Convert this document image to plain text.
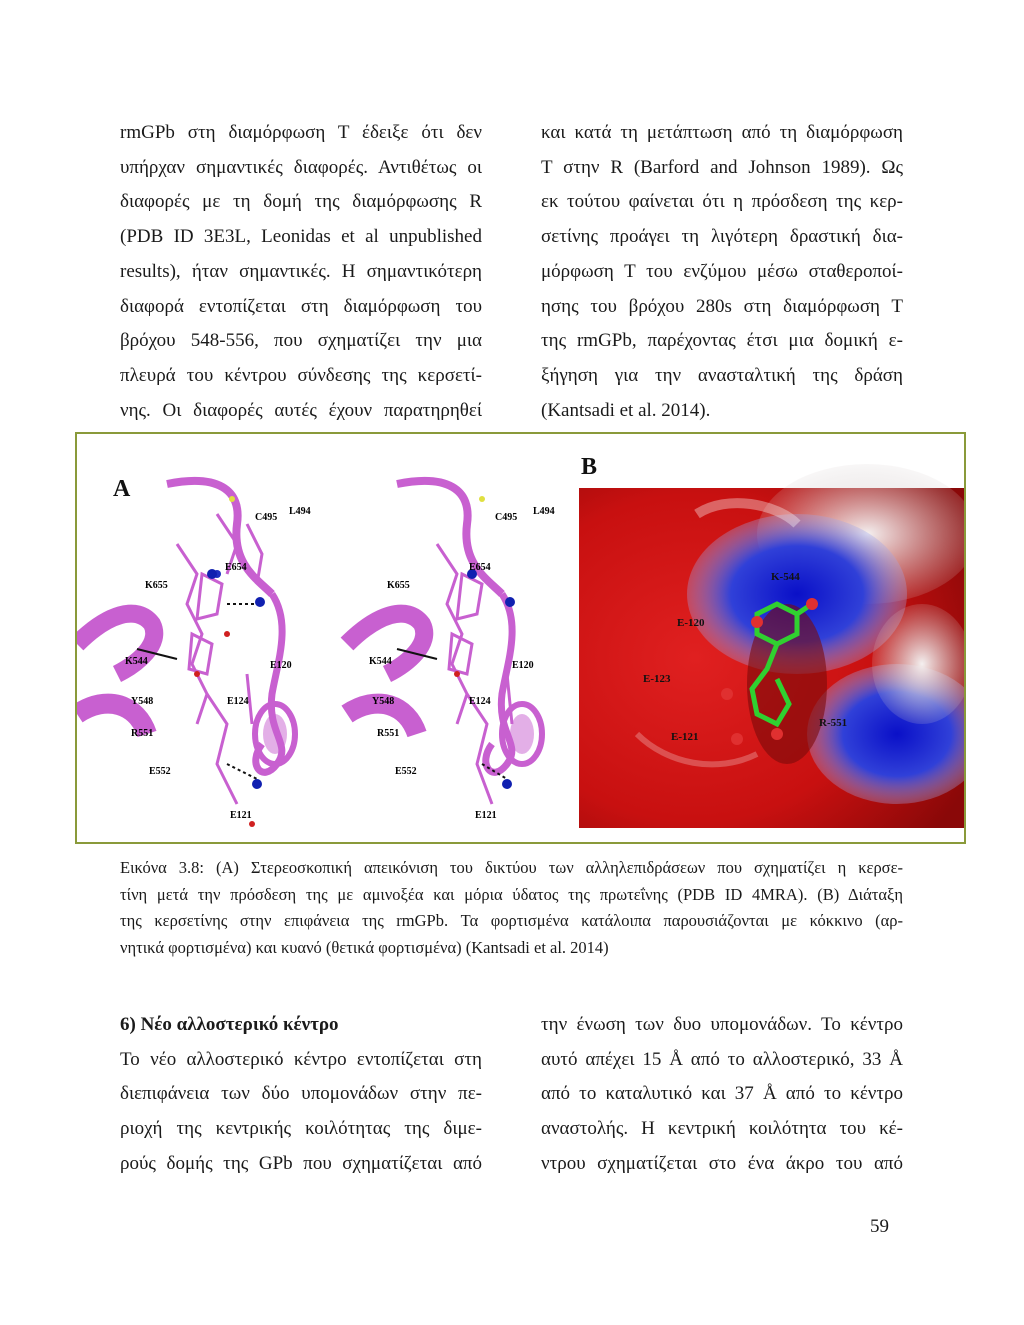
rmGPb στη διαμόρφωση Τ έδειξε ότι δεν
υπήρχαν σημαντικές διαφορές. Αντιθέτως οι
διαφορές με τη δομή της διαμόρφωσης R
(PDB ID 3E3L, Leonidas et al unpublished
results), ήταν σημαντικές. Η σημαντικότερη
διαφορά εντοπίζεται στη διαμόρφωση του
βρόχου 548-556, που σχηματίζει την μια
πλευρά του κέντρου σύνδεσης της κερσετί-
νης. Οι διαφορές αυτές έχουν παρατηρηθεί
και κατά τη μετάπτωση από τη διαμόρφωση
Τ στην R (Barford and Johnson 1989). Ως
εκ τούτου φαίνεται ότι η πρόσδεση της κερ-
σετίνης προάγει τη λιγότερη δραστική δια-
μόρφωση Τ του ενζύμου μέσω σταθεροποί-
ησης του βρόχου 280s στη διαμόρφωση Τ
της rmGPb, παρέχοντας έτσι μια δομική ε-
ξήγηση για την ανασταλτική της δράση
(Kantsadi et al. 2014).
A
C495
L494
K655
E654
K544	E120
Y548	E124
R551
E552
E121
C495
L494
K655
E654
K544	E120
Y548	E124
R551
E552
E121
B
K-544
E-120
E-123
E-121
R-551
Εικόνα 3.8: (A) Στερεοσκοπική απεικόνιση του δικτύου των αλληλεπιδράσεων που σχηματίζει η κερσε-
τίνη μετά την πρόσδεση της με αμινοξέα και μόρια ύδατος της πρωτεΐνης (PDB ID 4MRA). (B) Διάταξη
της κερσετίνης στην επιφάνεια της rmGPb. Τα φορτισμένα κατάλοιπα παρουσιάζονται με κόκκινο (αρ-
νητικά φορτισμένα) και κυανό (θετικά φορτισμένα) (Kantsadi et al. 2014)
6) Νέο αλλοστερικό κέντρο
Το νέο αλλοστερικό κέντρο εντοπίζεται στη
διεπιφάνεια των δύο υπομονάδων στην πε-
ριοχή της κεντρικής κοιλότητας της διμε-
ρούς δομής της GPb που σχηματίζεται από
την ένωση των δυο υπομονάδων. Το κέντρο
αυτό απέχει 15 Å από το αλλοστερικό, 33 Å
από το καταλυτικό και 37 Å από το κέντρο
αναστολής. Η κεντρική κοιλότητα του κέ-
ντρου σχηματίζεται στο ένα άκρο του από
59
